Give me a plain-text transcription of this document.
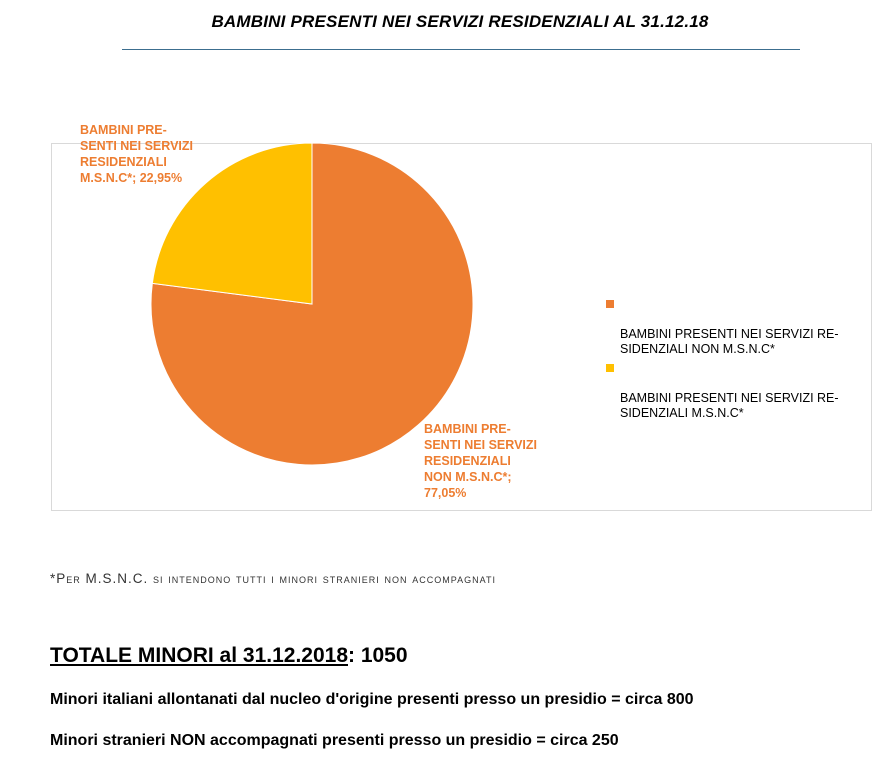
BAMBINI PRESENTI NEI SERVIZI RESIDENZIALI AL 31.12.18
BAMBINI PRE-
SENTI NEI SERVIZI
RESIDENZIALI
M.S.N.C*; 22,95%
BAMBINI PRE-
SENTI NEI SERVIZI
RESIDENZIALI
NON M.S.N.C*;
77,05%

BAMBINI PRESENTI NEI SERVIZI RE-
SIDENZIALI NON M.S.N.C*

BAMBINI PRESENTI NEI SERVIZI RE-
SIDENZIALI M.S.N.C*

*Per M.S.N.C. si intendono tutti i minori stranieri non accompagnati
TOTALE MINORI al 31.12.2018: 1050
Minori italiani allontanati dal nucleo d'origine presenti presso un presidio = circa 800
Minori stranieri NON accompagnati presenti presso un presidio = circa 250
